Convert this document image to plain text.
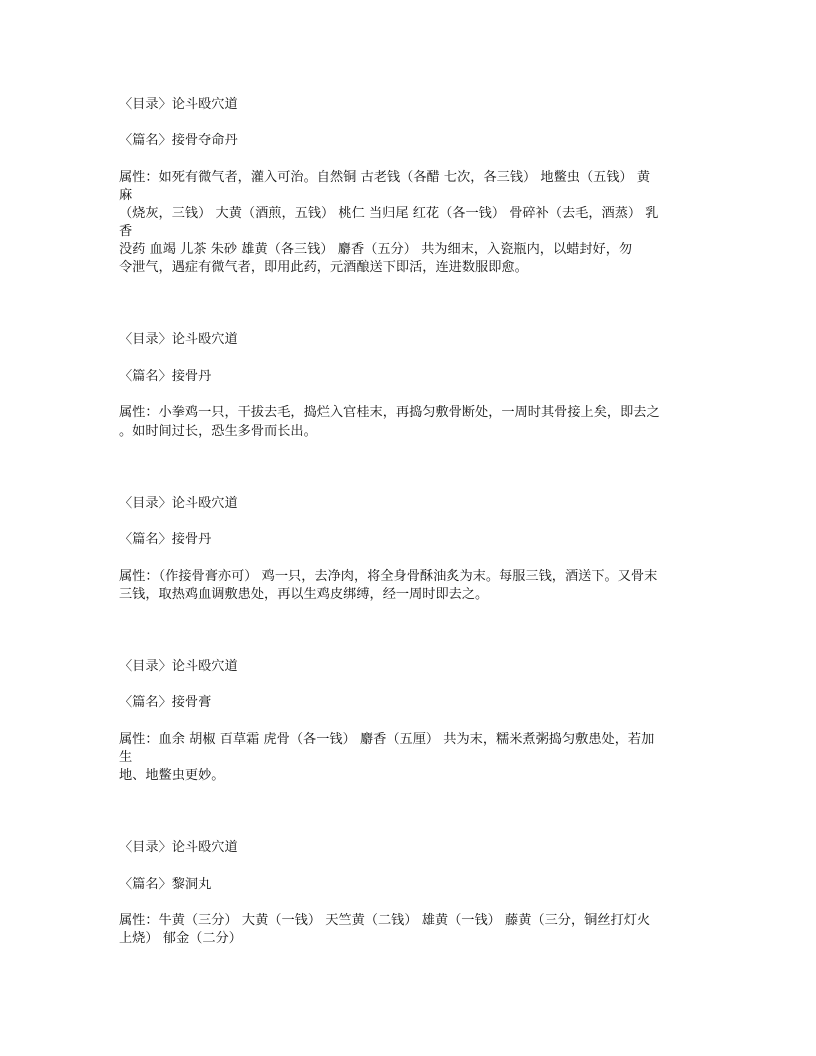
〈目录〉论斗殴穴道
〈篇名〉接骨夺命丹
属性：如死有微气者，灌入可治。自然铜 古老钱（各醋 七次，各三钱） 地鳖虫（五钱） 黄
麻
（烧灰，三钱） 大黄（酒煎，五钱） 桃仁 当归尾 红花（各一钱） 骨碎补（去毛，酒蒸） 乳
香
没药 血竭 儿茶 朱砂 雄黄（各三钱） 麝香（五分） 共为细末，入瓷瓶内，以蜡封好，勿
令泄气，遇症有微气者，即用此药，元酒酿送下即活，连进数服即愈。
〈目录〉论斗殴穴道
〈篇名〉接骨丹
属性：小拳鸡一只，干拔去毛，捣烂入官桂末，再捣匀敷骨断处，一周时其骨接上矣，即去之
。如时间过长，恐生多骨而长出。
〈目录〉论斗殴穴道
〈篇名〉接骨丹
属性：（作接骨膏亦可） 鸡一只，去净肉，将全身骨酥油炙为末。每服三钱，酒送下。又骨末
三钱，取热鸡血调敷患处，再以生鸡皮绑缚，经一周时即去之。
〈目录〉论斗殴穴道
〈篇名〉接骨膏
属性：血余 胡椒 百草霜 虎骨（各一钱） 麝香（五厘） 共为末，糯米煮粥捣匀敷患处，若加
生
地、地鳖虫更妙。
〈目录〉论斗殴穴道
〈篇名〉黎洞丸
属性：牛黄（三分） 大黄（一钱） 天竺黄（二钱） 雄黄（一钱） 藤黄（三分，铜丝打灯火
上烧） 郁金（二分）
